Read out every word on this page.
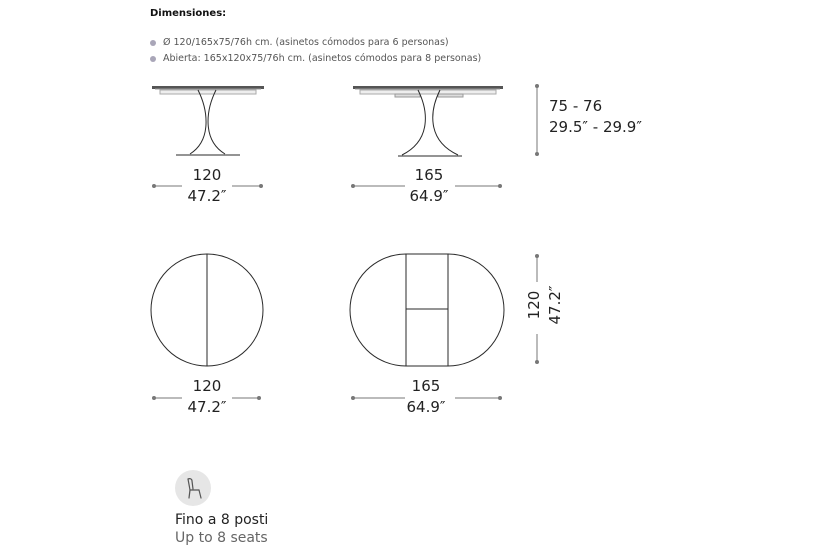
Dimensiones:
Ø 120/165x75/76h cm. (asinetos cómodos para 6 personas)
Abierta: 165x120x75/76h cm. (asinetos cómodos para 8 personas)
120
47.2″
165
64.9″
75 - 76
29.5″ - 29.9″
120 47.2″
120
47.2″
165
64.9″
Fino a 8 posti
Up to 8 seats
